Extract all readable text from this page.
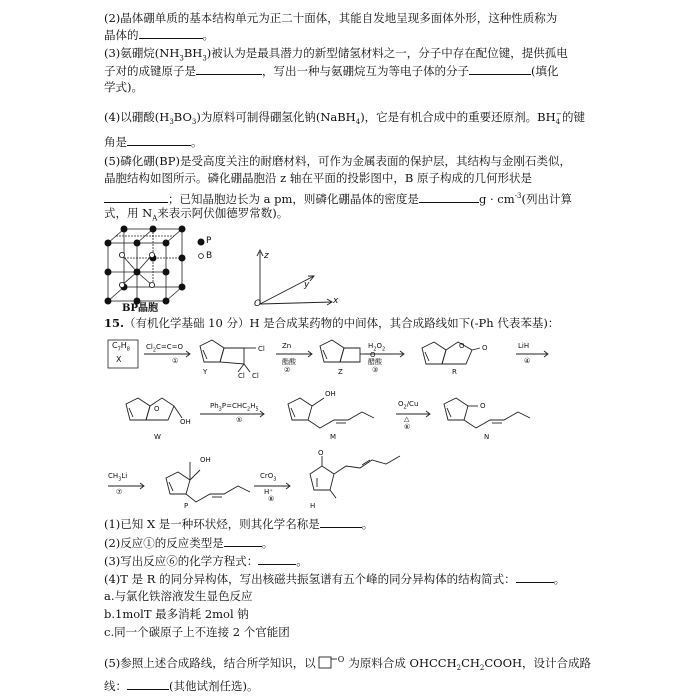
(2)晶体硼单质的基本结构单元为正二十面体，其能自发地呈现多面体外形，这种性质称为
晶体的	。
(3)氨硼烷$(NH_3BH_3)$被认为是最具潜力的新型储氢材料之一，分子中存在配位键，提供孤电
子对的成键原子是	，写出一种与氨硼烷互为等电子体的分子	(填化
学式)。
(4)以硼酸$(H_3BO_3)$为原料可制得硼氢化钠(NaBH$_4$)，它是有机合成中的重要还原剂。$BH_4^-$的键
角是	。
(5)磷化硼(BP)是受高度关注的耐磨材料，可作为金属表面的保护层，其结构与金刚石类似，
晶胞结构如图所示。磷化硼晶胞沿 z 轴在平面的投影图中，B 原子构成的几何形状是
；已知晶胞边长为 a pm，则磷化硼晶体的密度是	$g \cdot cm^{-3}$(列出计算
式，用 $N_A$来表示阿伏伽德罗常数)。
P
B
BP晶胞
z
y
x
O
15.（有机化学基础 10 分）H 是合成某药物的中间体，其合成路线如下(-Ph 代表苯基)：
$C_7H_8$
X
$Cl_2C=C=O$
①
Cl
Cl Cl
Y
Zn
酯酸
②
O
Z
$H_2O_2$
醋酸
③
O O
R
LiH
④
O
OH
W
$Ph_3P=CHC_2H_5$
⑤
OH
M
$O_2/Cu$
△
⑥
O
N
$CH_3Li$
⑦
OH
P
CrO$_3$
H⁺
⑧
O
H
(1)已知 X 是一种环状烃，则其化学名称是	。
(2)反应①的反应类型是	。
(3)写出反应⑥的化学方程式：	。
(4)T 是 R 的同分异构体，写出核磁共振氢谱有五个峰的同分异构体的结构简式：	。
a.与氯化铁溶液发生显色反应
b.1molT 最多消耗 2mol 钠
c.同一个碳原子上不连接 2 个官能团
(5)参照上述合成路线，结合所学知识，以	$^O$ 为原料合成 $OHCCH_2CH_2COOH$，设计合成路
线：	(其他试剂任选)。
